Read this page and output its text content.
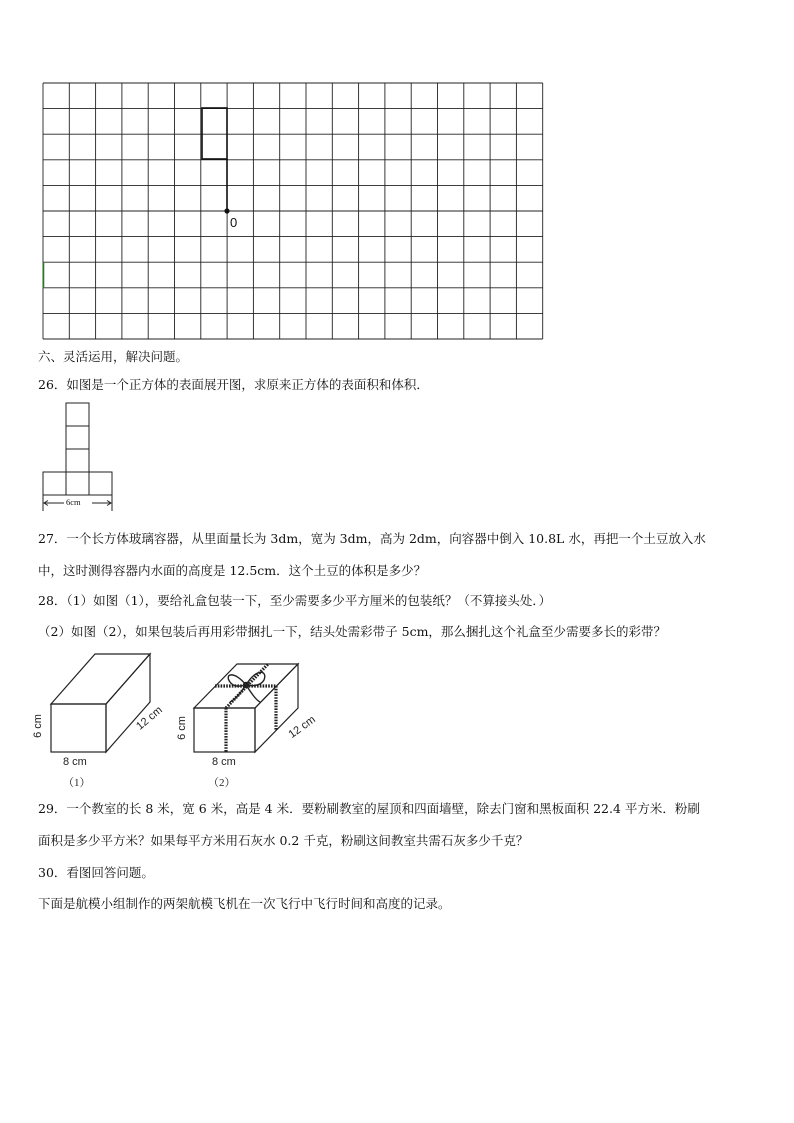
0
六、灵活运用，解决问题。
26．如图是一个正方体的表面展开图，求原来正方体的表面积和体积．
6cm
27．一个长方体玻璃容器，从里面量长为 3dm，宽为 3dm，高为 2dm，向容器中倒入 10.8L 水，再把一个土豆放入水
中，这时测得容器内水面的高度是 12.5cm．这个土豆的体积是多少？
28．（1）如图（1），要给礼盒包装一下，至少需要多少平方厘米的包装纸？（不算接头处．）
（2）如图（2），如果包装后再用彩带捆扎一下，结头处需彩带子 5cm，那么捆扎这个礼盒至少需要多长的彩带？
6 cm
8 cm
12 cm
（1）
6 cm
8 cm
12 cm
（2）
29．一个教室的长 8 米，宽 6 米，高是 4 米．要粉刷教室的屋顶和四面墙壁，除去门窗和黑板面积 22.4 平方米．粉刷
面积是多少平方米？如果每平方米用石灰水 0.2 千克，粉刷这间教室共需石灰多少千克？
30．看图回答问题。
下面是航模小组制作的两架航模飞机在一次飞行中飞行时间和高度的记录。
